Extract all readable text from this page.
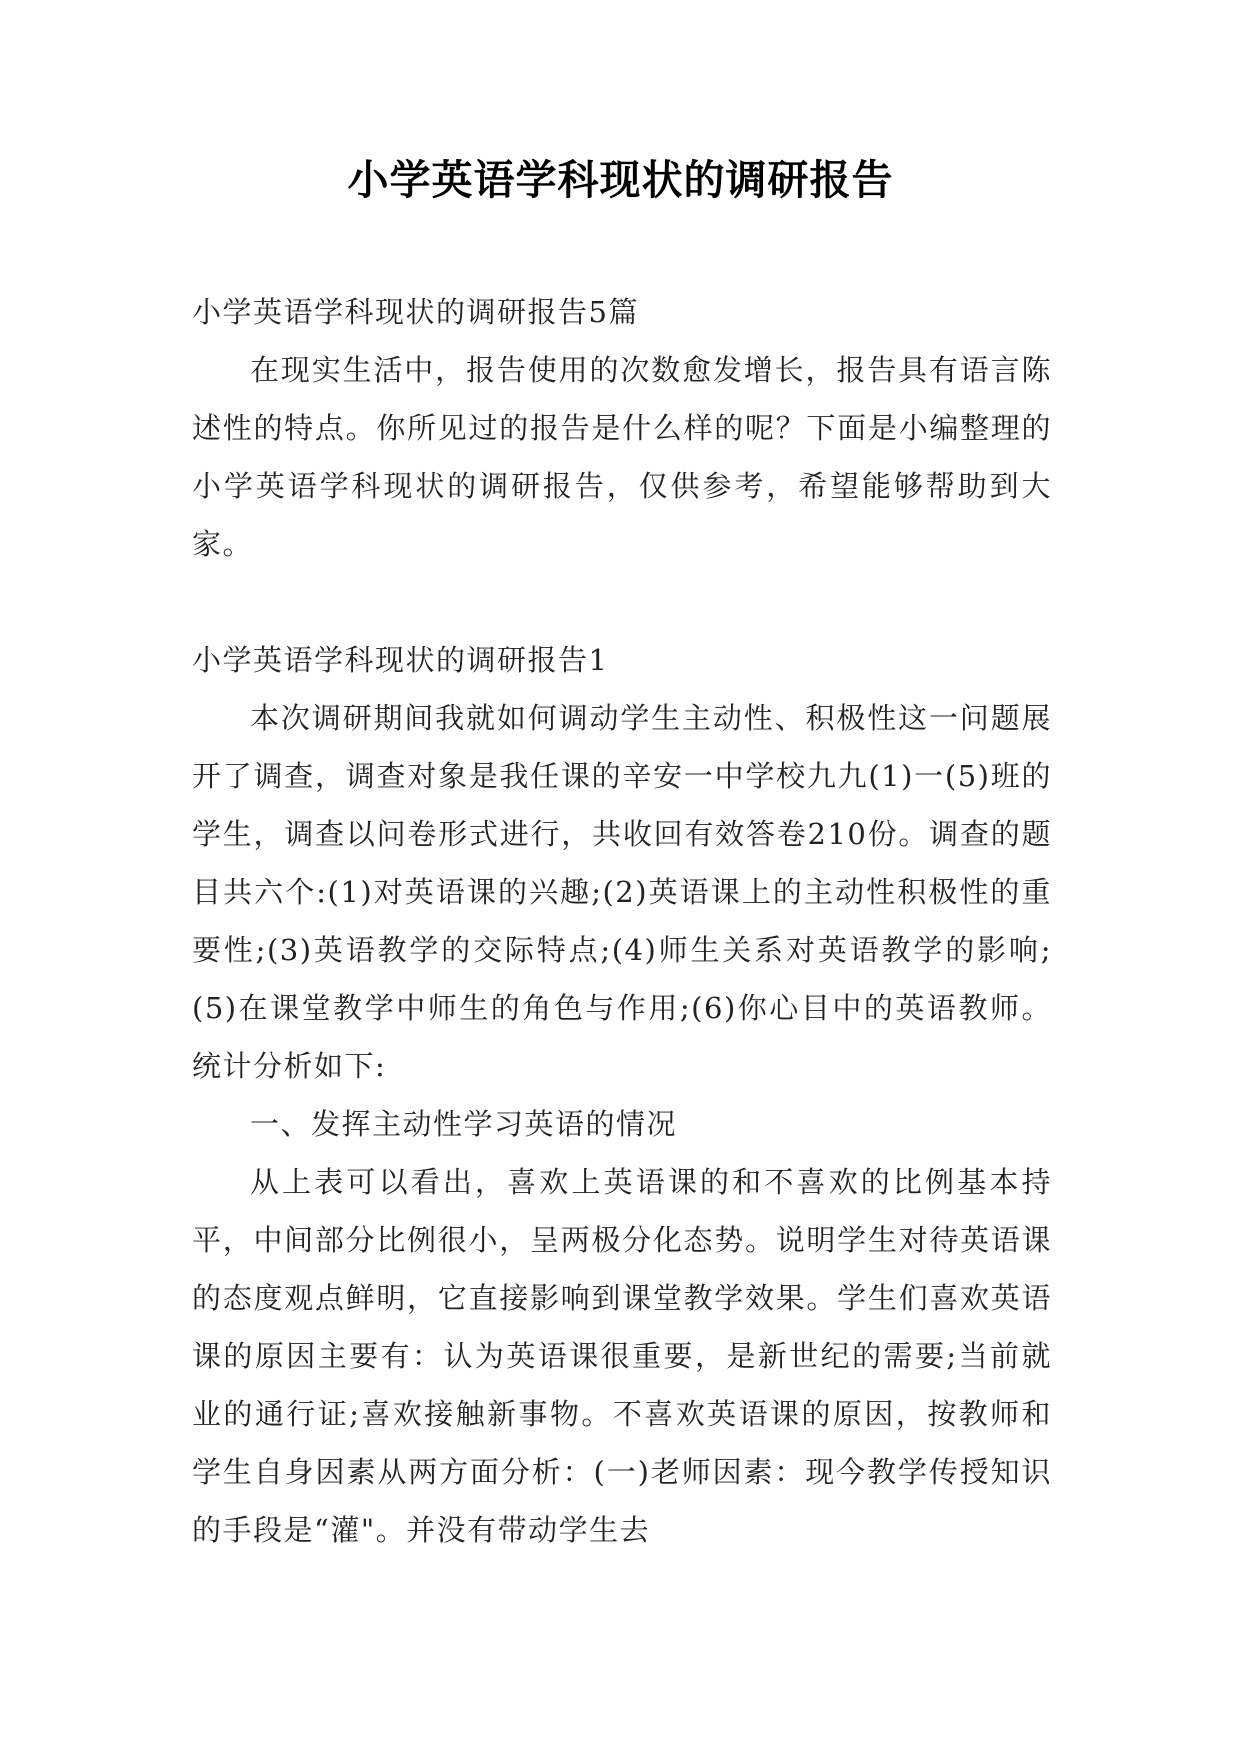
小学英语学科现状的调研报告

小学英语学科现状的调研报告5篇

在现实生活中，报告使用的次数愈发增长，报告具有语言陈述性的特点。你所见过的报告是什么样的呢？下面是小编整理的小学英语学科现状的调研报告，仅供参考，希望能够帮助到大家。

小学英语学科现状的调研报告1

本次调研期间我就如何调动学生主动性、积极性这一问题展开了调查，调查对象是我任课的辛安一中学校九九(1)一(5)班的学生，调查以问卷形式进行，共收回有效答卷210份。调查的题目共六个:(1)对英语课的兴趣;(2)英语课上的主动性积极性的重要性;(3)英语教学的交际特点;(4)师生关系对英语教学的影响;(5)在课堂教学中师生的角色与作用;(6)你心目中的英语教师。统计分析如下:

一、发挥主动性学习英语的情况

从上表可以看出，喜欢上英语课的和不喜欢的比例基本持平，中间部分比例很小，呈两极分化态势。说明学生对待英语课的态度观点鲜明，它直接影响到课堂教学效果。学生们喜欢英语课的原因主要有：认为英语课很重要，是新世纪的需要;当前就业的通行证;喜欢接触新事物。不喜欢英语课的原因，按教师和学生自身因素从两方面分析：(一)老师因素：现今教学传授知识的手段是“灌"。并没有带动学生去
